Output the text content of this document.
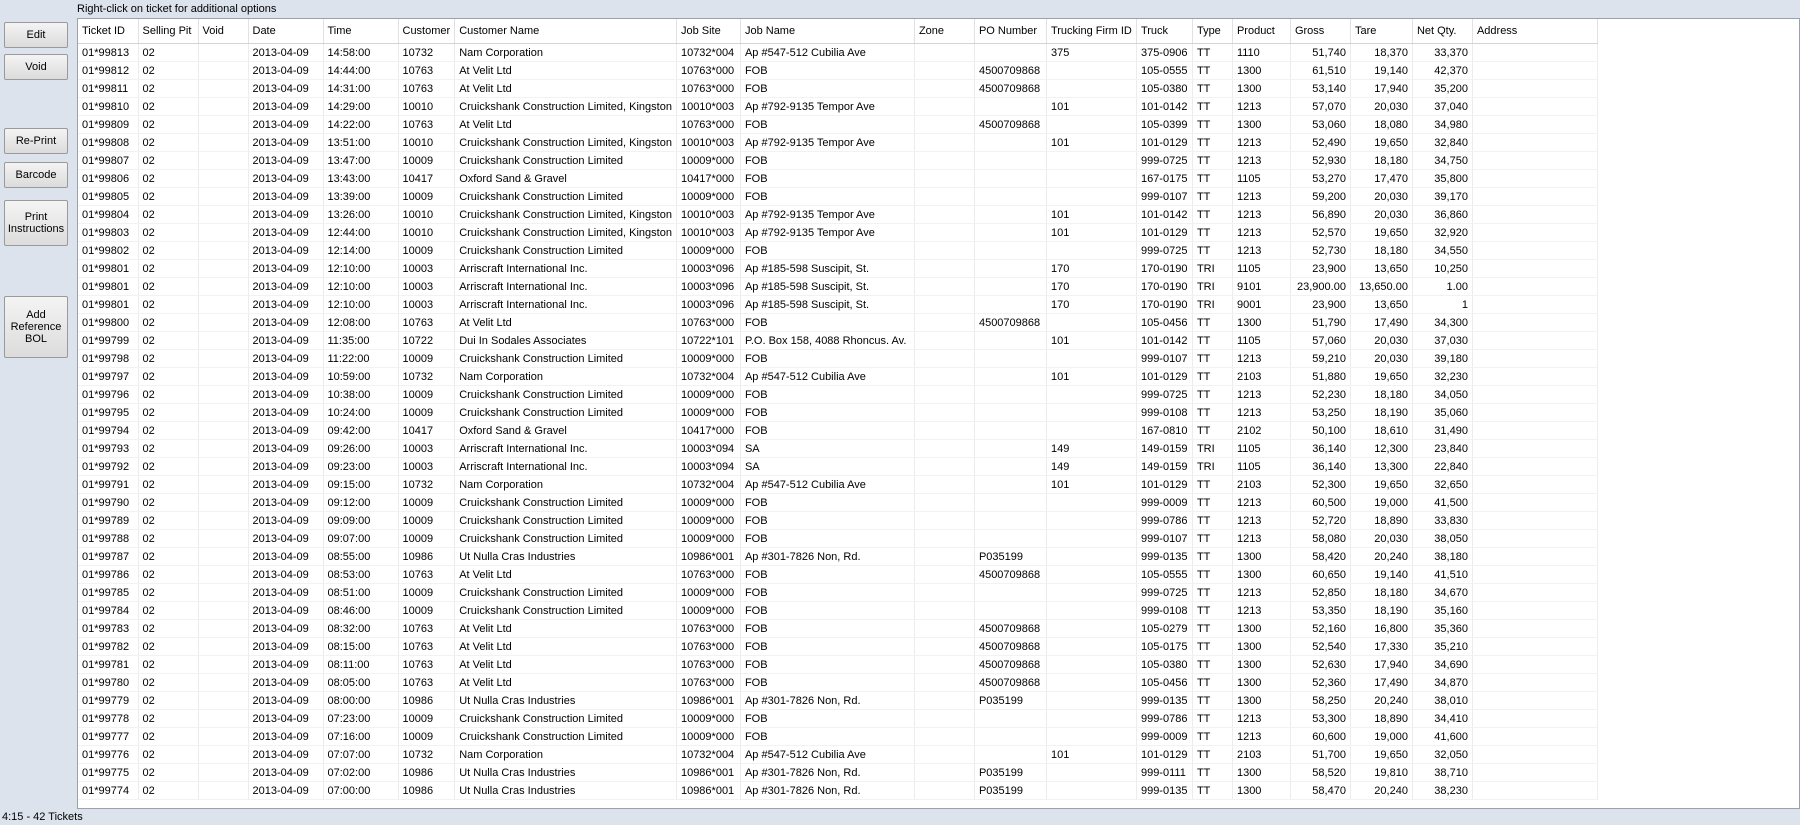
Right-click on ticket for additional options
Edit
Void
Re-Print
Barcode
Print
Instructions
Add
Reference
BOL
Ticket ID	Selling Pit	Void	Date	Time	Customer	Customer Name	Job Site	Job Name	Zone	PO Number	Trucking Firm ID	Truck	Type	Product	Gross	Tare	Net Qty.	Address
01*99813	02		2013-04-09	14:58:00	10732	Nam Corporation	10732*004	Ap #547-512 Cubilia Ave			375	375-0906	TT	1110	51,740	18,370	33,370	
01*99812	02		2013-04-09	14:44:00	10763	At Velit Ltd	10763*000	FOB		4500709868		105-0555	TT	1300	61,510	19,140	42,370	
01*99811	02		2013-04-09	14:31:00	10763	At Velit Ltd	10763*000	FOB		4500709868		105-0380	TT	1300	53,140	17,940	35,200	
01*99810	02		2013-04-09	14:29:00	10010	Cruickshank Construction Limited, Kingston	10010*003	Ap #792-9135 Tempor Ave			101	101-0142	TT	1213	57,070	20,030	37,040	
01*99809	02		2013-04-09	14:22:00	10763	At Velit Ltd	10763*000	FOB		4500709868		105-0399	TT	1300	53,060	18,080	34,980	
01*99808	02		2013-04-09	13:51:00	10010	Cruickshank Construction Limited, Kingston	10010*003	Ap #792-9135 Tempor Ave			101	101-0129	TT	1213	52,490	19,650	32,840	
01*99807	02		2013-04-09	13:47:00	10009	Cruickshank Construction Limited	10009*000	FOB				999-0725	TT	1213	52,930	18,180	34,750	
01*99806	02		2013-04-09	13:43:00	10417	Oxford Sand & Gravel	10417*000	FOB				167-0175	TT	1105	53,270	17,470	35,800	
01*99805	02		2013-04-09	13:39:00	10009	Cruickshank Construction Limited	10009*000	FOB				999-0107	TT	1213	59,200	20,030	39,170	
01*99804	02		2013-04-09	13:26:00	10010	Cruickshank Construction Limited, Kingston	10010*003	Ap #792-9135 Tempor Ave			101	101-0142	TT	1213	56,890	20,030	36,860	
01*99803	02		2013-04-09	12:44:00	10010	Cruickshank Construction Limited, Kingston	10010*003	Ap #792-9135 Tempor Ave			101	101-0129	TT	1213	52,570	19,650	32,920	
01*99802	02		2013-04-09	12:14:00	10009	Cruickshank Construction Limited	10009*000	FOB				999-0725	TT	1213	52,730	18,180	34,550	
01*99801	02		2013-04-09	12:10:00	10003	Arriscraft International Inc.	10003*096	Ap #185-598 Suscipit, St.			170	170-0190	TRI	1105	23,900	13,650	10,250	
01*99801	02		2013-04-09	12:10:00	10003	Arriscraft International Inc.	10003*096	Ap #185-598 Suscipit, St.			170	170-0190	TRI	9101	23,900.00	13,650.00	1.00	
01*99801	02		2013-04-09	12:10:00	10003	Arriscraft International Inc.	10003*096	Ap #185-598 Suscipit, St.			170	170-0190	TRI	9001	23,900	13,650	1	
01*99800	02		2013-04-09	12:08:00	10763	At Velit Ltd	10763*000	FOB		4500709868		105-0456	TT	1300	51,790	17,490	34,300	
01*99799	02		2013-04-09	11:35:00	10722	Dui In Sodales Associates	10722*101	P.O. Box 158, 4088 Rhoncus. Av.			101	101-0142	TT	1105	57,060	20,030	37,030	
01*99798	02		2013-04-09	11:22:00	10009	Cruickshank Construction Limited	10009*000	FOB				999-0107	TT	1213	59,210	20,030	39,180	
01*99797	02		2013-04-09	10:59:00	10732	Nam Corporation	10732*004	Ap #547-512 Cubilia Ave			101	101-0129	TT	2103	51,880	19,650	32,230	
01*99796	02		2013-04-09	10:38:00	10009	Cruickshank Construction Limited	10009*000	FOB				999-0725	TT	1213	52,230	18,180	34,050	
01*99795	02		2013-04-09	10:24:00	10009	Cruickshank Construction Limited	10009*000	FOB				999-0108	TT	1213	53,250	18,190	35,060	
01*99794	02		2013-04-09	09:42:00	10417	Oxford Sand & Gravel	10417*000	FOB				167-0810	TT	2102	50,100	18,610	31,490	
01*99793	02		2013-04-09	09:26:00	10003	Arriscraft International Inc.	10003*094	SA			149	149-0159	TRI	1105	36,140	12,300	23,840	
01*99792	02		2013-04-09	09:23:00	10003	Arriscraft International Inc.	10003*094	SA			149	149-0159	TRI	1105	36,140	13,300	22,840	
01*99791	02		2013-04-09	09:15:00	10732	Nam Corporation	10732*004	Ap #547-512 Cubilia Ave			101	101-0129	TT	2103	52,300	19,650	32,650	
01*99790	02		2013-04-09	09:12:00	10009	Cruickshank Construction Limited	10009*000	FOB				999-0009	TT	1213	60,500	19,000	41,500	
01*99789	02		2013-04-09	09:09:00	10009	Cruickshank Construction Limited	10009*000	FOB				999-0786	TT	1213	52,720	18,890	33,830	
01*99788	02		2013-04-09	09:07:00	10009	Cruickshank Construction Limited	10009*000	FOB				999-0107	TT	1213	58,080	20,030	38,050	
01*99787	02		2013-04-09	08:55:00	10986	Ut Nulla Cras Industries	10986*001	Ap #301-7826 Non, Rd.		P035199		999-0135	TT	1300	58,420	20,240	38,180	
01*99786	02		2013-04-09	08:53:00	10763	At Velit Ltd	10763*000	FOB		4500709868		105-0555	TT	1300	60,650	19,140	41,510	
01*99785	02		2013-04-09	08:51:00	10009	Cruickshank Construction Limited	10009*000	FOB				999-0725	TT	1213	52,850	18,180	34,670	
01*99784	02		2013-04-09	08:46:00	10009	Cruickshank Construction Limited	10009*000	FOB				999-0108	TT	1213	53,350	18,190	35,160	
01*99783	02		2013-04-09	08:32:00	10763	At Velit Ltd	10763*000	FOB		4500709868		105-0279	TT	1300	52,160	16,800	35,360	
01*99782	02		2013-04-09	08:15:00	10763	At Velit Ltd	10763*000	FOB		4500709868		105-0175	TT	1300	52,540	17,330	35,210	
01*99781	02		2013-04-09	08:11:00	10763	At Velit Ltd	10763*000	FOB		4500709868		105-0380	TT	1300	52,630	17,940	34,690	
01*99780	02		2013-04-09	08:05:00	10763	At Velit Ltd	10763*000	FOB		4500709868		105-0456	TT	1300	52,360	17,490	34,870	
01*99779	02		2013-04-09	08:00:00	10986	Ut Nulla Cras Industries	10986*001	Ap #301-7826 Non, Rd.		P035199		999-0135	TT	1300	58,250	20,240	38,010	
01*99778	02		2013-04-09	07:23:00	10009	Cruickshank Construction Limited	10009*000	FOB				999-0786	TT	1213	53,300	18,890	34,410	
01*99777	02		2013-04-09	07:16:00	10009	Cruickshank Construction Limited	10009*000	FOB				999-0009	TT	1213	60,600	19,000	41,600	
01*99776	02		2013-04-09	07:07:00	10732	Nam Corporation	10732*004	Ap #547-512 Cubilia Ave			101	101-0129	TT	2103	51,700	19,650	32,050	
01*99775	02		2013-04-09	07:02:00	10986	Ut Nulla Cras Industries	10986*001	Ap #301-7826 Non, Rd.		P035199		999-0111	TT	1300	58,520	19,810	38,710	
01*99774	02		2013-04-09	07:00:00	10986	Ut Nulla Cras Industries	10986*001	Ap #301-7826 Non, Rd.		P035199		999-0135	TT	1300	58,470	20,240	38,230	
4:15 - 42 Tickets
